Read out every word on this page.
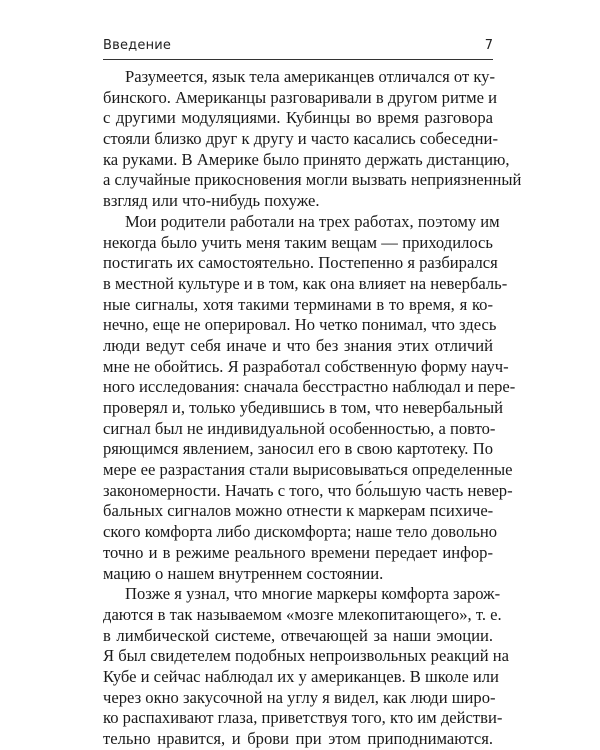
Введение	7
Разумеется, язык тела американцев отличался от ку-
бинского. Американцы разговаривали в другом ритме и
с другими модуляциями. Кубинцы во время разговора
стояли близко друг к другу и часто касались собеседни-
ка руками. В Америке было принято держать дистанцию,
а случайные прикосновения могли вызвать неприязненный
взгляд или что-нибудь похуже.
Мои родители работали на трех работах, поэтому им
некогда было учить меня таким вещам — приходилось
постигать их самостоятельно. Постепенно я разбирался
в местной культуре и в том, как она влияет на невербаль-
ные сигналы, хотя такими терминами в то время, я ко-
нечно, еще не оперировал. Но четко понимал, что здесь
люди ведут себя иначе и что без знания этих отличий
мне не обойтись. Я разработал собственную форму науч-
ного исследования: сначала бесстрастно наблюдал и пере-
проверял и, только убедившись в том, что невербальный
сигнал был не индивидуальной особенностью, а повто-
ряющимся явлением, заносил его в свою картотеку. По
мере ее разрастания стали вырисовываться определенные
закономерности. Начать с того, что бо́льшую часть невер-
бальных сигналов можно отнести к маркерам психиче-
ского комфорта либо дискомфорта; наше тело довольно
точно и в режиме реального времени передает инфор-
мацию о нашем внутреннем состоянии.
Позже я узнал, что многие маркеры комфорта зарож-
даются в так называемом «мозге млекопитающего», т. е.
в лимбической системе, отвечающей за наши эмоции.
Я был свидетелем подобных непроизвольных реакций на
Кубе и сейчас наблюдал их у американцев. В школе или
через окно закусочной на углу я видел, как люди широ-
ко распахивают глаза, приветствуя того, кто им действи-
тельно нравится, и брови при этом приподнимаются.
